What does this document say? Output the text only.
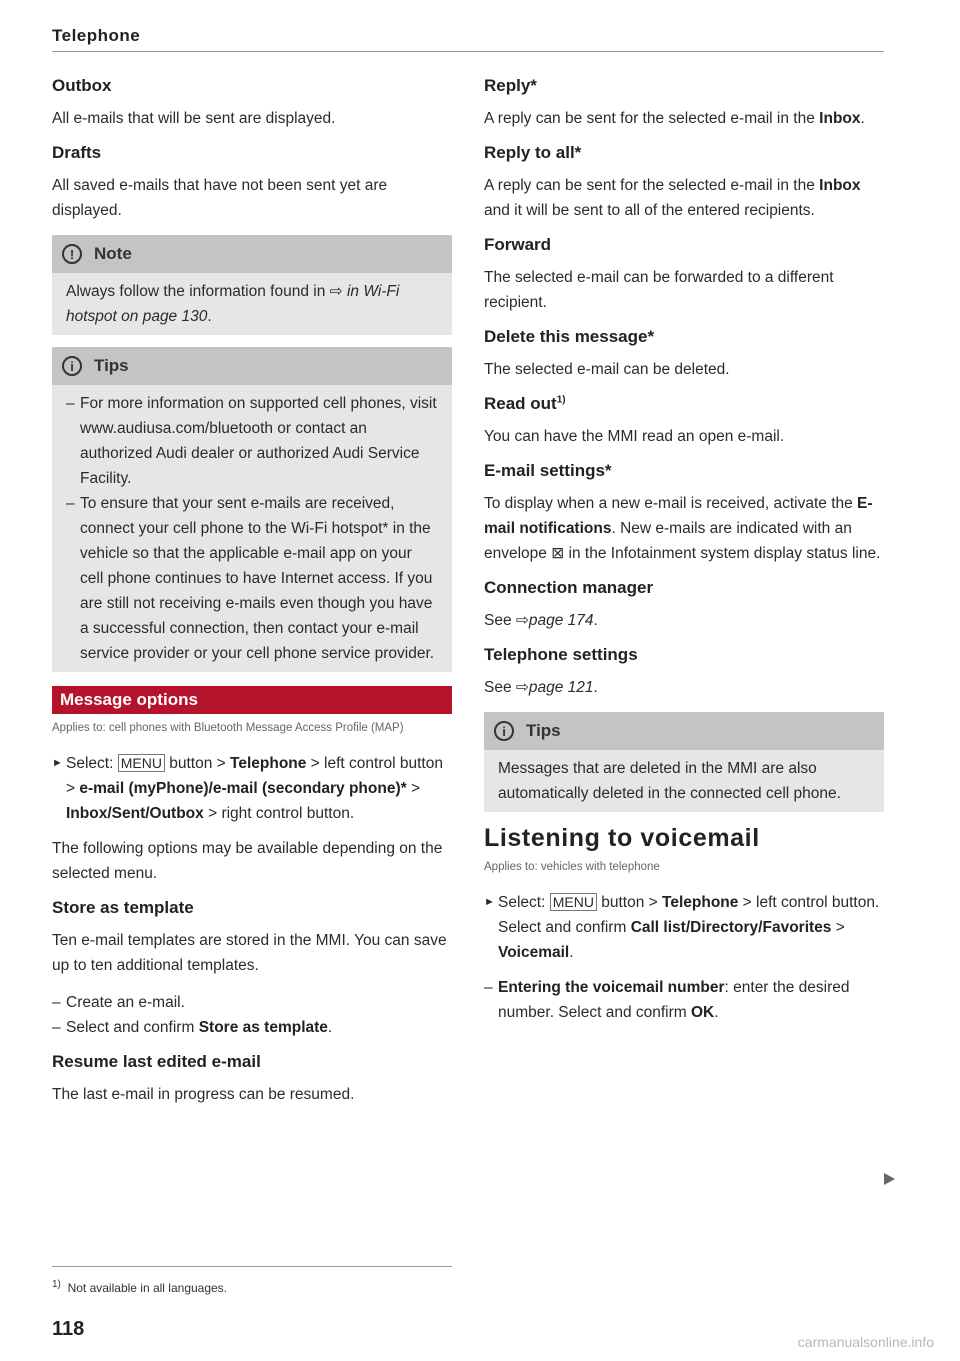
Telephone
Outbox

All e-mails that will be sent are displayed.

Drafts

All saved e-mails that have not been sent yet are displayed.

!	Note

Always follow the information found in ⇨ in Wi-Fi hotspot on page 130.

i	Tips
– For more information on supported cell phones, visit www.audiusa.com/bluetooth or contact an authorized Audi dealer or authorized Audi Service Facility.
– To ensure that your sent e-mails are received, connect your cell phone to the Wi-Fi hotspot* in the vehicle so that the applicable e-mail app on your cell phone continues to have Internet access. If you are still not receiving e-mails even though you have a successful connection, then contact your e-mail service provider or your cell phone service provider.
Message options
Applies to: cell phones with Bluetooth Message Access Profile (MAP)
► Select: MENU button > Telephone > left control button > e-mail (myPhone)/e-mail (secondary phone)* > Inbox/Sent/Outbox > right control button.

The following options may be available depending on the selected menu.

Store as template

Ten e-mail templates are stored in the MMI. You can save up to ten additional templates.

– Create an e-mail.
– Select and confirm Store as template.
Resume last edited e-mail

The last e-mail in progress can be resumed.

Reply*

A reply can be sent for the selected e-mail in the Inbox.

Reply to all*

A reply can be sent for the selected e-mail in the Inbox and it will be sent to all of the entered recipients.

Forward

The selected e-mail can be forwarded to a different recipient.

Delete this message*

The selected e-mail can be deleted.

Read out$^{1)}$

You can have the MMI read an open e-mail.

E-mail settings*

To display when a new e-mail is received, activate the E-mail notifications. New e-mails are indicated with an envelope ⊠ in the Infotainment system display status line.

Connection manager

See ⇨page 174.

Telephone settings

See ⇨page 121.

i	Tips

Messages that are deleted in the MMI are also automatically deleted in the connected cell phone.

Listening to voicemail
Applies to: vehicles with telephone
► Select: MENU button > Telephone > left control button. Select and confirm Call list/Directory/Favorites > Voicemail.
– Entering the voicemail number: enter the desired number. Select and confirm OK.
$^{1)}$ Not available in all languages.
118
carmanualsonline.info
